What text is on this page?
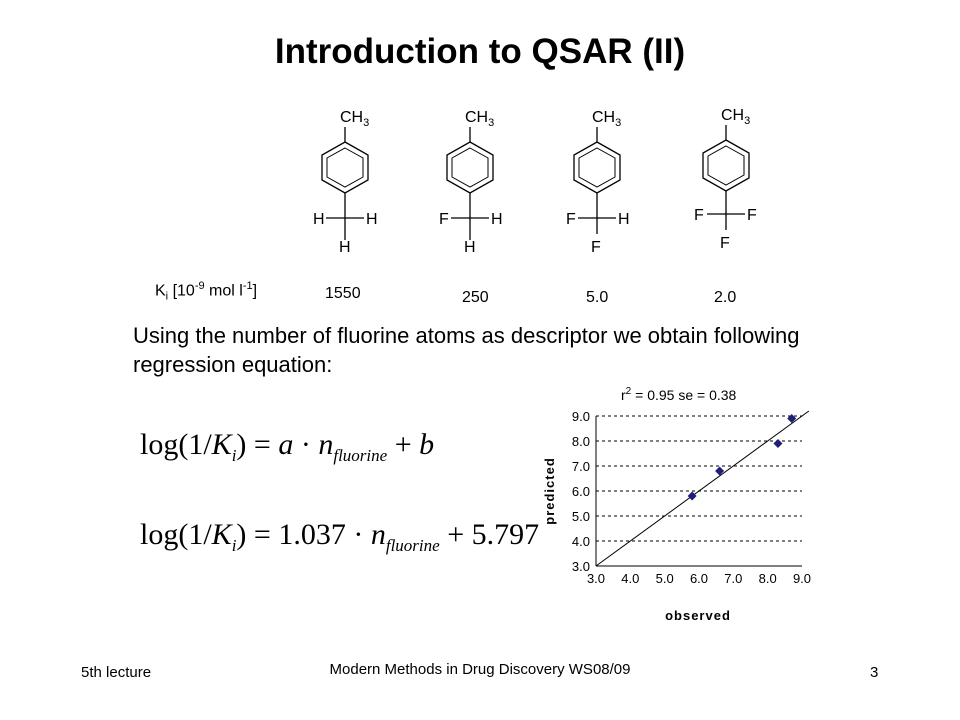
Introduction to QSAR (II)
$CH_3$
H	H
H
$CH_3$
F	H
H
$CH_3$
F	H
F
$CH_3$
F	F
F
$K_i$ [$10^{-9}$ mol $l^{-1}$]	1550	250	5.0	2.0
Using the number of fluorine atoms as descriptor we obtain following regression equation:
$\log(1/K_i) = a \cdot n_{fluorine} + b$
$\log(1/K_i) = 1.037 \cdot n_{fluorine} + 5.797$
$r^2 = 0.95$ se = 0.38
3.0
4.0
5.0
6.0
7.0
8.0
9.0
3.0 4.0 5.0 6.0 7.0 8.0 9.0
observed
predicted
5th lecture	Modern Methods in Drug Discovery WS08/09	3
